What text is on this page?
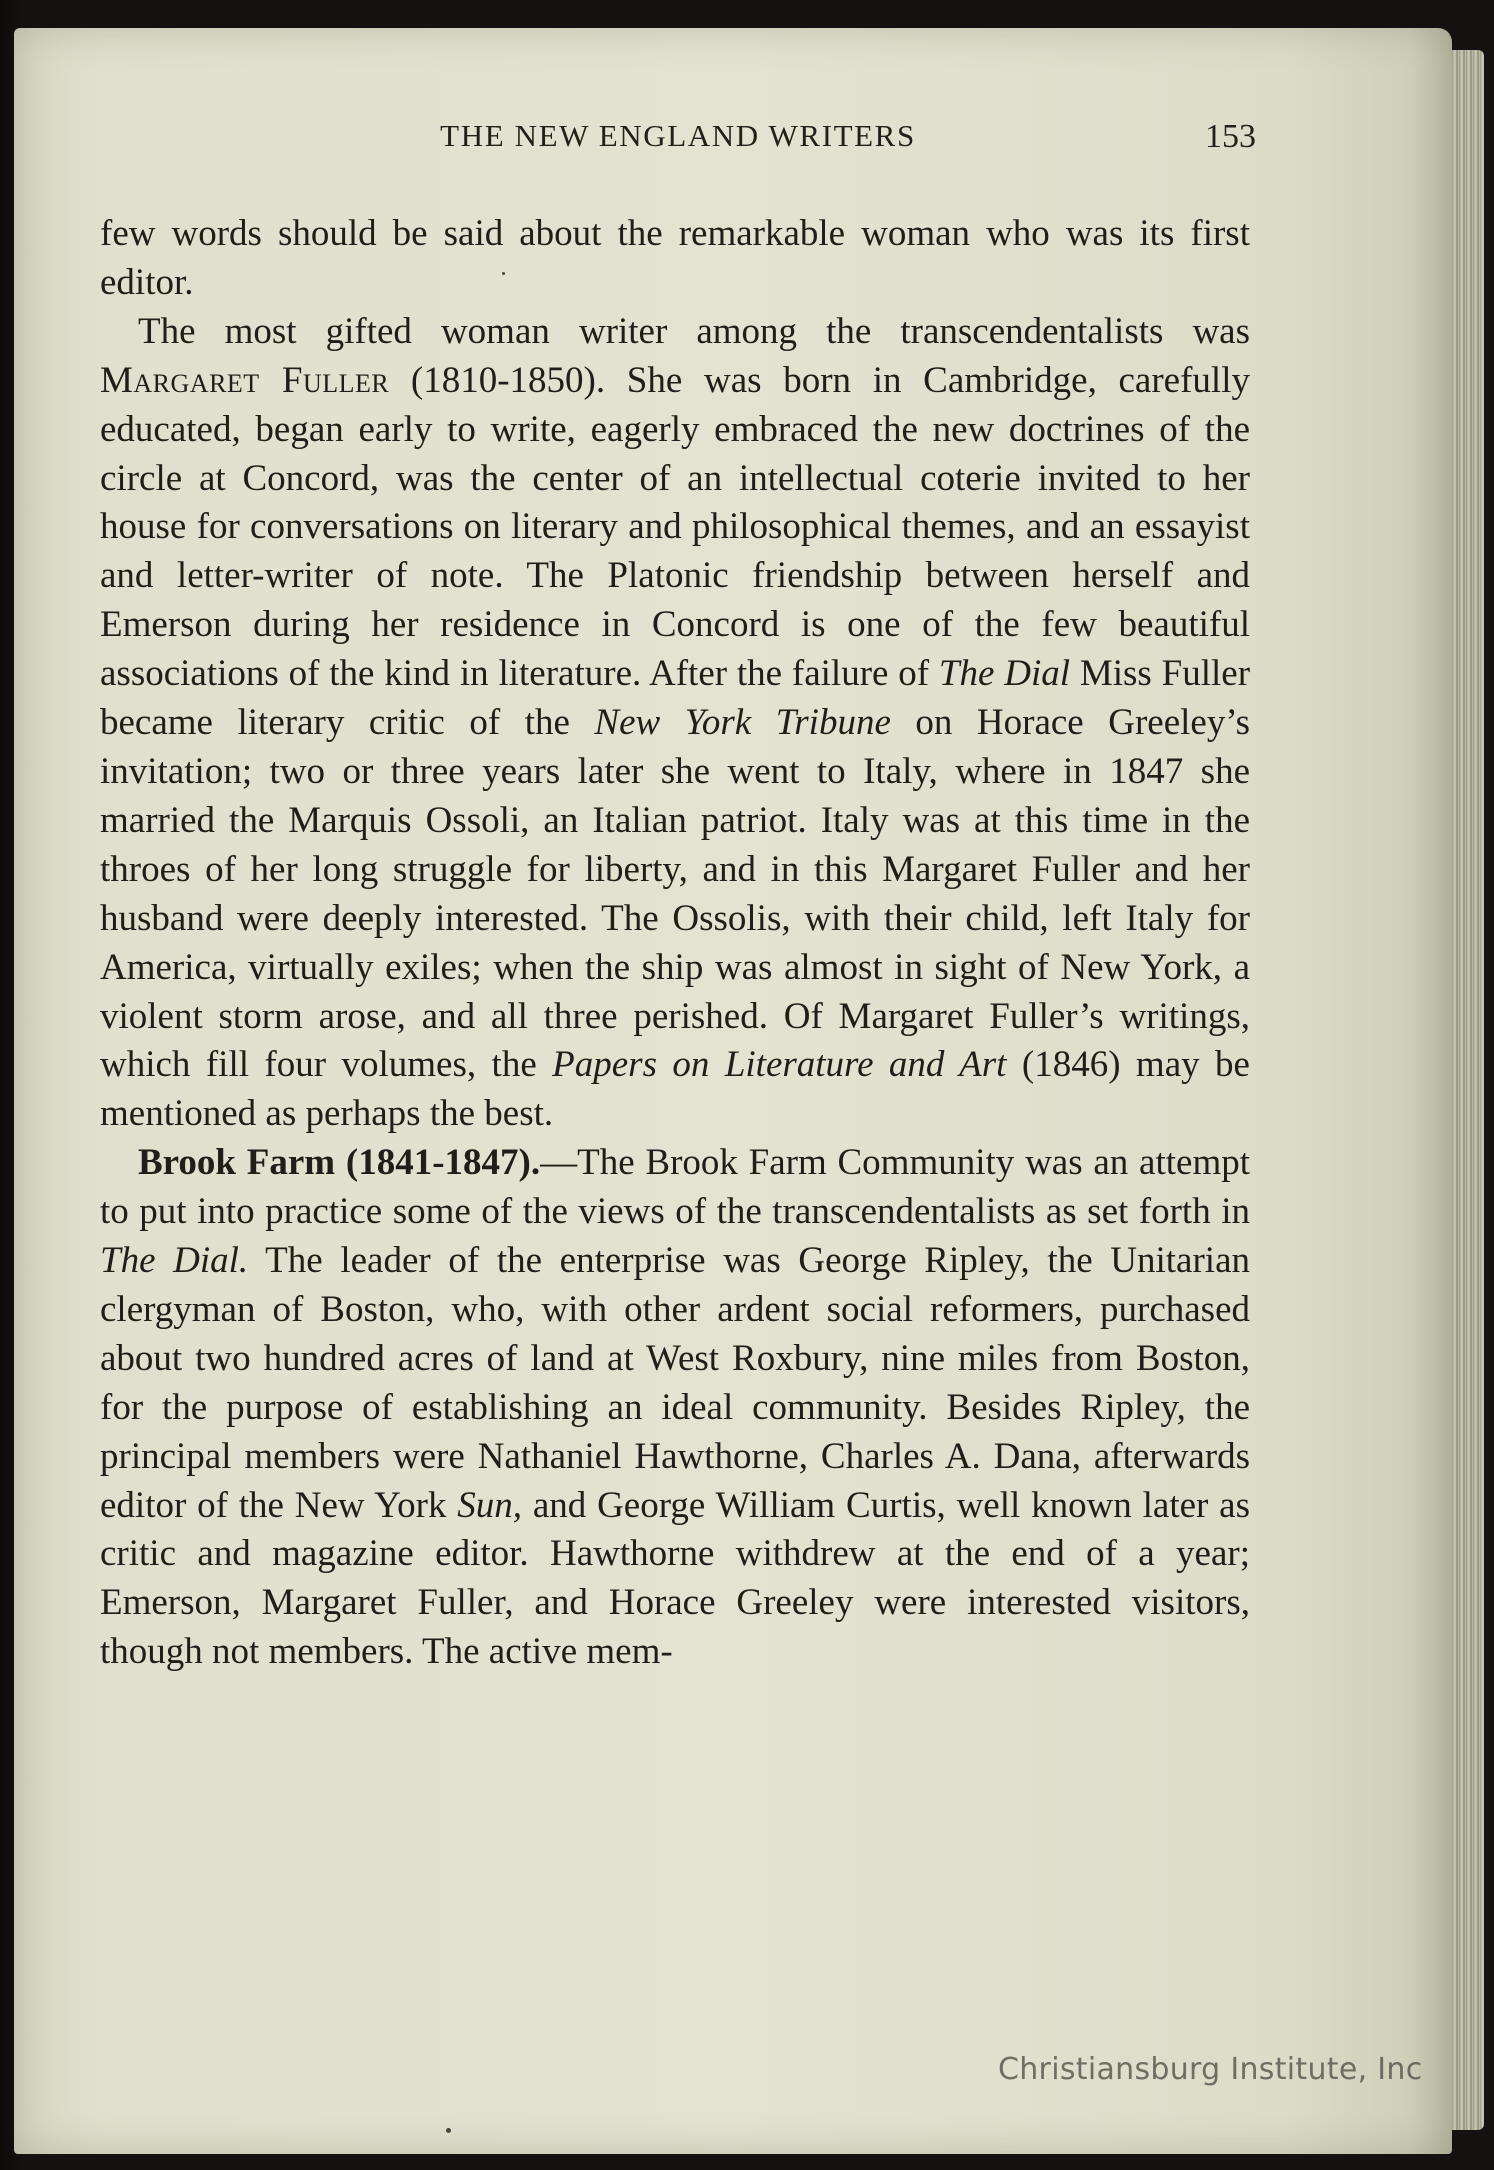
THE NEW ENGLAND WRITERS	153

few words should be said about the remarkable woman who was its first editor.

The most gifted woman writer among the transcendentalists was Margaret Fuller (1810-1850). She was born in Cambridge, carefully educated, began early to write, eagerly embraced the new doctrines of the circle at Concord, was the center of an intellectual coterie invited to her house for conversations on literary and philosophical themes, and an essayist and letter-writer of note. The Platonic friendship between herself and Emerson during her residence in Concord is one of the few beautiful associations of the kind in literature. After the failure of The Dial Miss Fuller became literary critic of the New York Tribune on Horace Greeley’s invitation; two or three years later she went to Italy, where in 1847 she married the Marquis Ossoli, an Italian patriot. Italy was at this time in the throes of her long struggle for liberty, and in this Margaret Fuller and her husband were deeply interested. The Ossolis, with their child, left Italy for America, virtually exiles; when the ship was almost in sight of New York, a violent storm arose, and all three perished. Of Margaret Fuller’s writings, which fill four volumes, the Papers on Literature and Art (1846) may be mentioned as perhaps the best.

Brook Farm (1841-1847).—The Brook Farm Community was an attempt to put into practice some of the views of the transcendentalists as set forth in The Dial. The leader of the enterprise was George Ripley, the Unitarian clergyman of Boston, who, with other ardent social reformers, purchased about two hundred acres of land at West Roxbury, nine miles from Boston, for the purpose of establishing an ideal community. Besides Ripley, the principal members were Nathaniel Hawthorne, Charles A. Dana, afterwards editor of the New York Sun, and George William Curtis, well known later as critic and magazine editor. Hawthorne withdrew at the end of a year; Emerson, Margaret Fuller, and Horace Greeley were interested visitors, though not members. The active mem-

Christiansburg Institute, Inc
